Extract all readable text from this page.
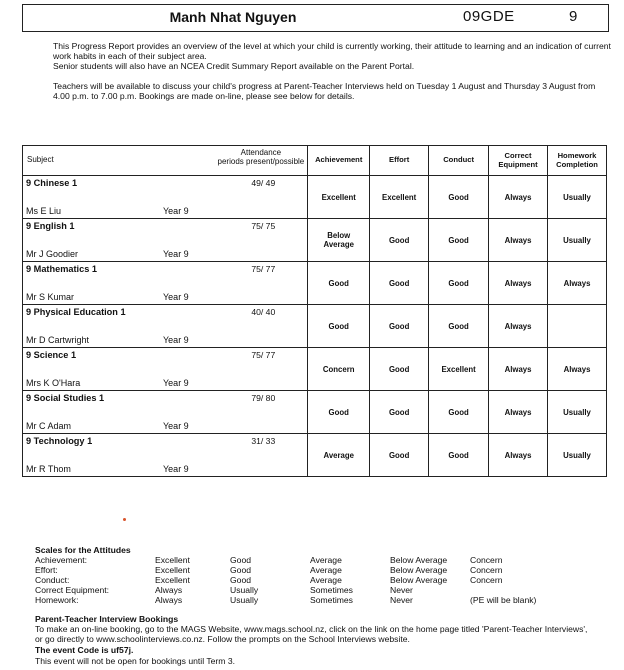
Manh Nhat Nguyen	09GDE	9
This Progress Report provides an overview of the level at which your child is currently working, their attitude to learning and an indication of current work habits in each of their subject area.
Senior students will also have an NCEA Credit Summary Report available on the Parent Portal.
Teachers will be available to discuss your child's progress at Parent-Teacher Interviews held on Tuesday 1 August and Thursday 3 August from 4.00 p.m. to 7.00 p.m. Bookings are made on-line, please see below for details.
Subject
Attendance
periods present/possible	Achievement	Effort	Conduct	Correct
Equipment	Homework
Completion

9 Chinese 1 49/ 49
Ms E Liu Year 9	Excellent	Excellent	Good	Always	Usually

9 English 1 75/ 75
Mr J Goodier Year 9	Below
Average	Good	Good	Always	Usually

9 Mathematics 1 75/ 77
Mr S Kumar Year 9	Good	Good	Good	Always	Always

9 Physical Education 1 40/ 40
Mr D Cartwright Year 9	Good	Good	Good	Always	

9 Science 1 75/ 77
Mrs K O'Hara Year 9	Concern	Good	Excellent	Always	Always

9 Social Studies 1 79/ 80
Mr C Adam Year 9	Good	Good	Good	Always	Usually

9 Technology 1 31/ 33
Mr R Thom Year 9	Average	Good	Good	Always	Usually
Scales for the Attitudes
Achievement:	Excellent	Good	Average	Below Average	Concern
Effort:	Excellent	Good	Average	Below Average	Concern
Conduct:	Excellent	Good	Average	Below Average	Concern
Correct Equipment:	Always	Usually	Sometimes	Never
Homework:	Always	Usually	Sometimes	Never	(PE will be blank)
Parent-Teacher Interview Bookings
To make an on-line booking, go to the MAGS Website, www.mags.school.nz, click on the link on the home page titled 'Parent-Teacher Interviews', or go directly to www.schoolinterviews.co.nz. Follow the prompts on the School Interviews website.
The event Code is uf57j.
This event will not be open for bookings until Term 3.
